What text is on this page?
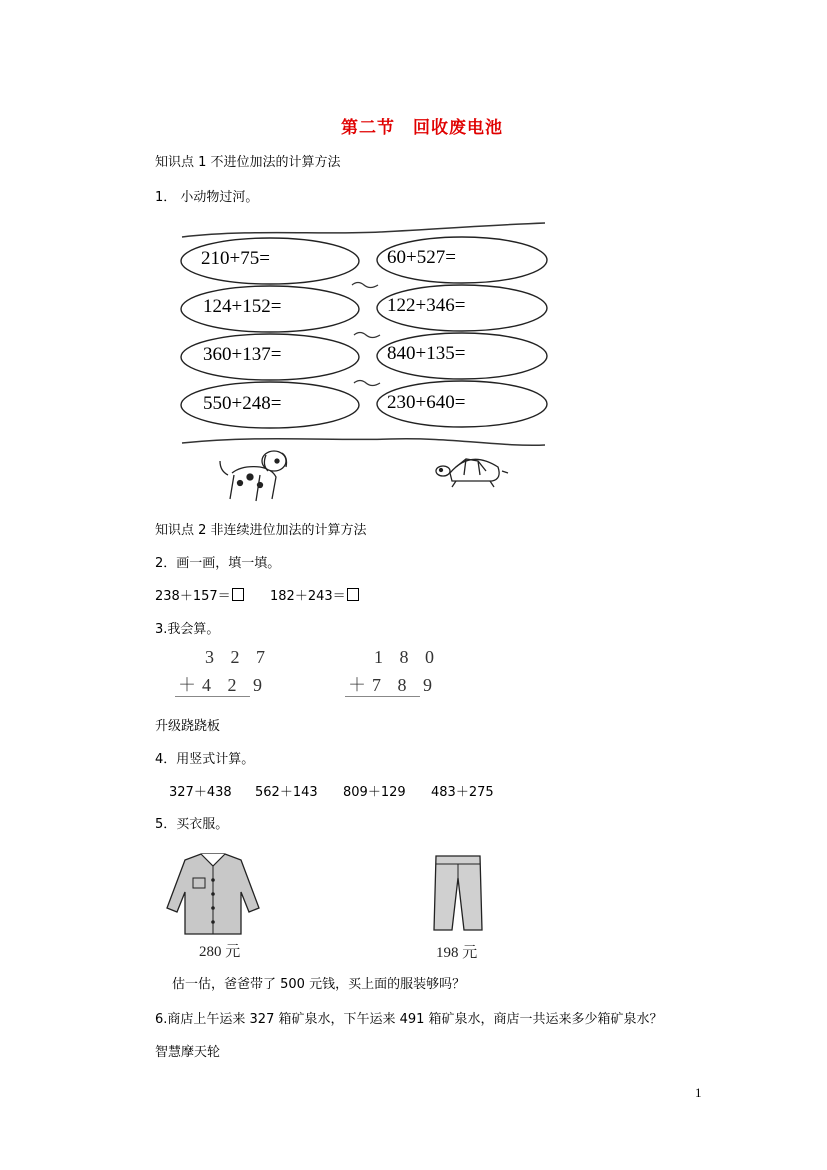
第二节　回收废电池
知识点 1 不进位加法的计算方法
1． 小动物过河。
210+75=
124+152=
360+137=
550+248=
60+527=
122+346=
840+135=
230+640=
知识点 2 非连续进位加法的计算方法
2．画一画，填一填。
238＋157＝	182＋243＝
3.我会算。
3 2 7
＋4 2 9
1 8 0
＋7 8 9
升级跷跷板
4．用竖式计算。
327＋438 562＋143 809＋129 483＋275
5．买衣服。
280 元	198 元
估一估，爸爸带了 500 元钱，买上面的服装够吗？
6.商店上午运来 327 箱矿泉水，下午运来 491 箱矿泉水，商店一共运来多少箱矿泉水？
智慧摩天轮
1
